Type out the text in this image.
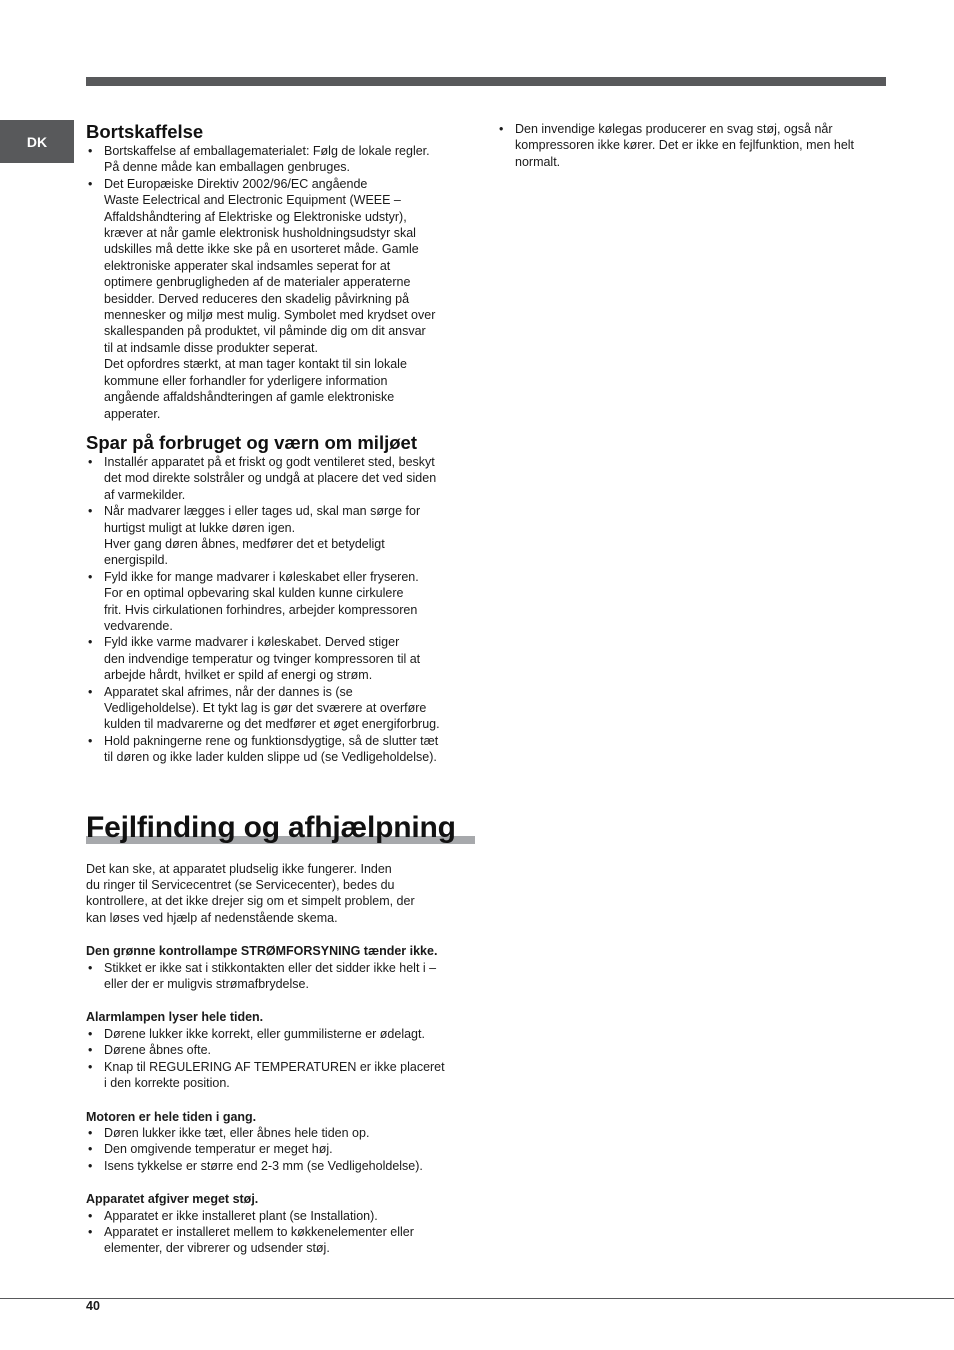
DK Bortskaffelse
• Bortskaffelse af emballagematerialet: Følg de lokale regler.
På denne måde kan emballagen genbruges.
• Det Europæiske Direktiv 2002/96/EC angående
Waste Eelectrical and Electronic Equipment (WEEE –
Affaldshåndtering af Elektriske og Elektroniske udstyr),
kræver at når gamle elektronisk husholdningsudstyr skal
udskilles må dette ikke ske på en usorteret måde. Gamle
elektroniske apperater skal indsamles seperat for at
optimere genbrugligheden af de materialer apperaterne
besidder. Derved reduceres den skadelig påvirkning på
mennesker og miljø mest mulig. Symbolet med krydset over
skallespanden på produktet, vil påminde dig om dit ansvar
til at indsamle disse produkter seperat.
Det opfordres stærkt, at man tager kontakt til sin lokale
kommune eller forhandler for yderligere information
angående affaldshåndteringen af gamle elektroniske
apperater.
Spar på forbruget og værn om miljøet
• Installér apparatet på et friskt og godt ventileret sted, beskyt
det mod direkte solstråler og undgå at placere det ved siden
af varmekilder.
• Når madvarer lægges i eller tages ud, skal man sørge for
hurtigst muligt at lukke døren igen.
Hver gang døren åbnes, medfører det et betydeligt
energispild.
• Fyld ikke for mange madvarer i køleskabet eller fryseren.
For en optimal opbevaring skal kulden kunne cirkulere
frit. Hvis cirkulationen forhindres, arbejder kompressoren
vedvarende.
• Fyld ikke varme madvarer i køleskabet. Derved stiger
den indvendige temperatur og tvinger kompressoren til at
arbejde hårdt, hvilket er spild af energi og strøm.
• Apparatet skal afrimes, når der dannes is (se
Vedligeholdelse). Et tykt lag is gør det sværere at overføre
kulden til madvarerne og det medfører et øget energiforbrug.
• Hold pakningerne rene og funktionsdygtige, så de slutter tæt
til døren og ikke lader kulden slippe ud (se Vedligeholdelse).
Fejlfinding og afhjælpning
Det kan ske, at apparatet pludselig ikke fungerer. Inden
du ringer til Servicecentret (se Servicecenter), bedes du
kontrollere, at det ikke drejer sig om et simpelt problem, der
kan løses ved hjælp af nedenstående skema.
Den grønne kontrollampe STRØMFORSYNING tænder ikke.
• Stikket er ikke sat i stikkontakten eller det sidder ikke helt i –
eller der er muligvis strømafbrydelse.
Alarmlampen lyser hele tiden.
• Dørene lukker ikke korrekt, eller gummilisterne er ødelagt.
• Dørene åbnes ofte.
• Knap til REGULERING AF TEMPERATUREN er ikke placeret
i den korrekte position.
Motoren er hele tiden i gang.
• Døren lukker ikke tæt, eller åbnes hele tiden op.
• Den omgivende temperatur er meget høj.
• Isens tykkelse er større end 2-3 mm (se Vedligeholdelse).
Apparatet afgiver meget støj.
• Apparatet er ikke installeret plant (se Installation).
• Apparatet er installeret mellem to køkkenelementer eller
elementer, der vibrerer og udsender støj.
• Den invendige kølegas producerer en svag støj, også når
kompressoren ikke kører. Det er ikke en fejlfunktion, men helt
normalt.
40
